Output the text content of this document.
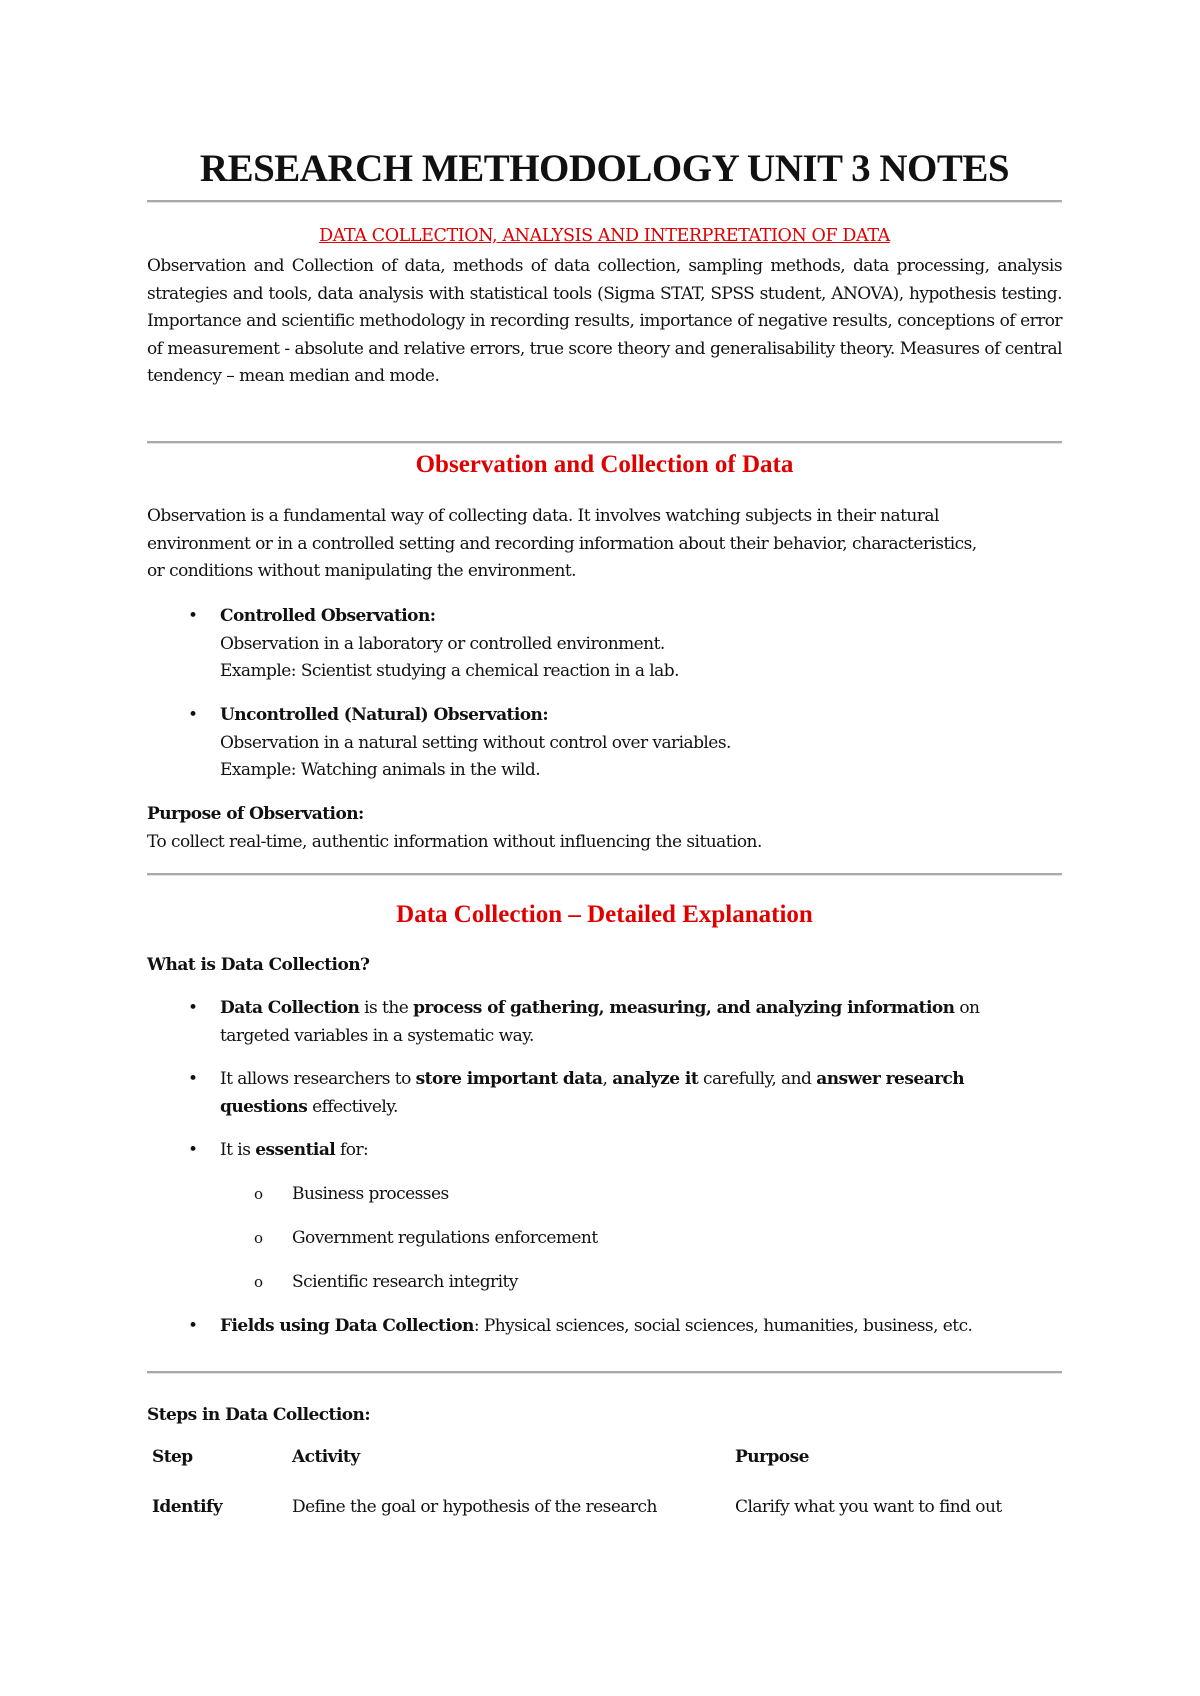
RESEARCH METHODOLOGY UNIT 3 NOTES

DATA COLLECTION, ANALYSIS AND INTERPRETATION OF DATA

Observation and Collection of data, methods of data collection, sampling methods, data processing, analysis strategies and tools, data analysis with statistical tools (Sigma STAT, SPSS student, ANOVA), hypothesis testing. Importance and scientific methodology in recording results, importance of negative results, conceptions of error of measurement - absolute and relative errors, true score theory and generalisability theory. Measures of central tendency – mean median and mode.

Observation and Collection of Data
Observation is a fundamental way of collecting data. It involves watching subjects in their natural
environment or in a controlled setting and recording information about their behavior, characteristics,
or conditions without manipulating the environment.
• Controlled Observation:
Observation in a laboratory or controlled environment.
Example: Scientist studying a chemical reaction in a lab.
• Uncontrolled (Natural) Observation:
Observation in a natural setting without control over variables.
Example: Watching animals in the wild.
Purpose of Observation:
To collect real-time, authentic information without influencing the situation.
Data Collection – Detailed Explanation
What is Data Collection?
• Data Collection is the process of gathering, measuring, and analyzing information on
targeted variables in a systematic way.
• It allows researchers to store important data, analyze it carefully, and answer research
questions effectively.
• It is essential for:
o Business processes
o Government regulations enforcement
o Scientific research integrity
• Fields using Data Collection: Physical sciences, social sciences, humanities, business, etc.
Steps in Data Collection:
Step	Activity	Purpose
Identify	Define the goal or hypothesis of the research	Clarify what you want to find out
